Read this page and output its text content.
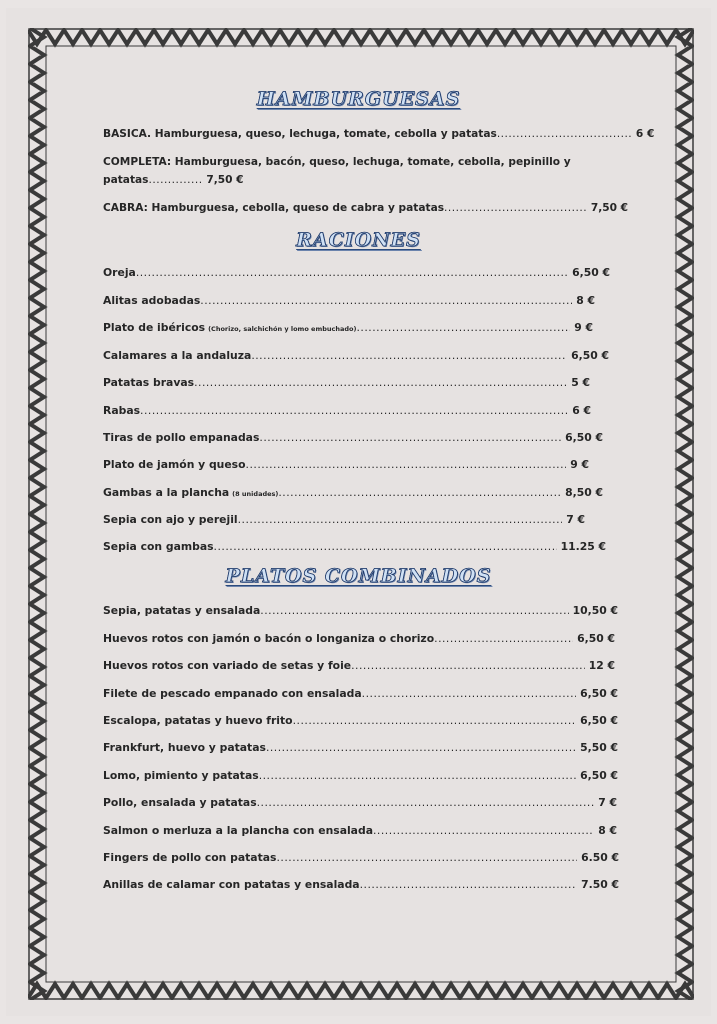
HAMBURGUESAS
BASICA. Hamburguesa, queso, lechuga, tomate, cebolla y patatas................................... 6 €
COMPLETA: Hamburguesa, bacón, queso, lechuga, tomate, cebolla, pepinillo y
patatas.............. 7,50 €
CABRA: Hamburguesa, cebolla, queso de cabra y patatas..................................... 7,50 €
RACIONES
Oreja .....	6,50 €
Alitas adobadas .....	8 €
Plato de ibéricos (Chorizo, salchichón y lomo embuchado) .....	9 €
Calamares a la andaluza .....	6,50 €
Patatas bravas .....	5 €
Rabas .....	6 €
Tiras de pollo empanadas .....	6,50 €
Plato de jamón y queso .....	9 €
Gambas a la plancha (8 unidades) .....	8,50 €
Sepia con ajo y perejil .....	7 €
Sepia con gambas .....	11.25 €
PLATOS COMBINADOS
Sepia, patatas y ensalada .....	10,50 €
Huevos rotos con jamón o bacón o longaniza o chorizo .....	6,50 €
Huevos rotos con variado de setas y foie .....	12 €
Filete de pescado empanado con ensalada .....	6,50 €
Escalopa, patatas y huevo frito .....	6,50 €
Frankfurt, huevo y patatas .....	5,50 €
Lomo, pimiento y patatas .....	6,50 €
Pollo, ensalada y patatas .....	7 €
Salmon o merluza a la plancha con ensalada .....	8 €
Fingers de pollo con patatas .....	6.50 €
Anillas de calamar con patatas y ensalada .....	7.50 €
